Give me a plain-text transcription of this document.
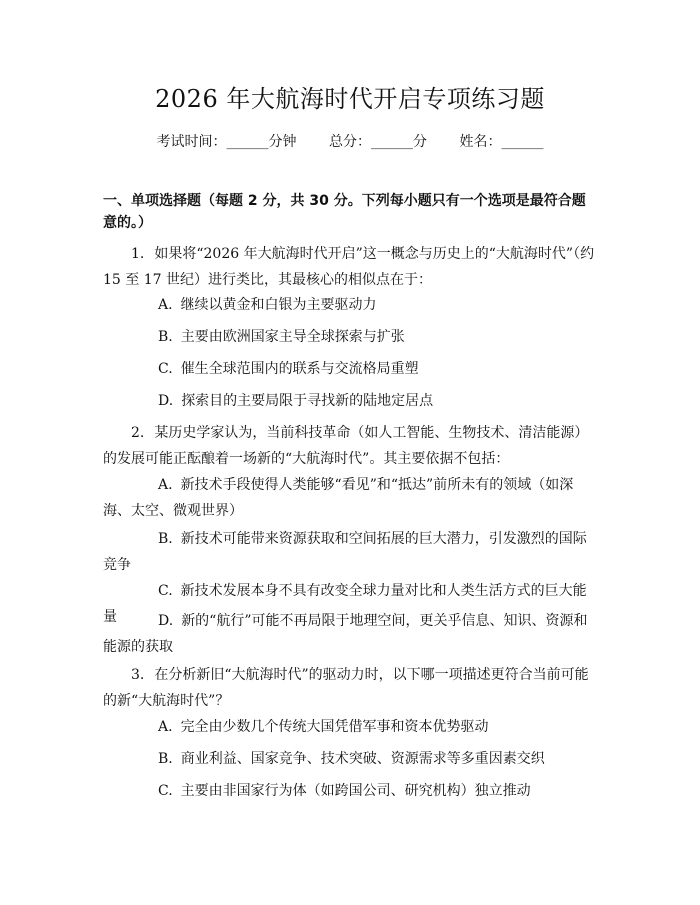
2026 年大航海时代开启专项练习题
考试时间：______分钟 总分：______分 姓名：______
一、单项选择题（每题 2 分，共 30 分。下列每小题只有一个选项是最符合题意的。）
1. 如果将“2026 年大航海时代开启”这一概念与历史上的“大航海时代”（约 15 至 17 世纪）进行类比，其最核心的相似点在于：
A. 继续以黄金和白银为主要驱动力
B. 主要由欧洲国家主导全球探索与扩张
C. 催生全球范围内的联系与交流格局重塑
D. 探索目的主要局限于寻找新的陆地定居点
2. 某历史学家认为，当前科技革命（如人工智能、生物技术、清洁能源）的发展可能正酝酿着一场新的“大航海时代”。其主要依据不包括：
A. 新技术手段使得人类能够“看见”和“抵达”前所未有的领域（如深海、太空、微观世界）
B. 新技术可能带来资源获取和空间拓展的巨大潜力，引发激烈的国际竞争
C. 新技术发展本身不具有改变全球力量对比和人类生活方式的巨大能量	D. 新的“航行”可能不再局限于地理空间，更关乎信息、知识、资源和能源的获取
3. 在分析新旧“大航海时代”的驱动力时，以下哪一项描述更符合当前可能的新“大航海时代”？
A. 完全由少数几个传统大国凭借军事和资本优势驱动
B. 商业利益、国家竞争、技术突破、资源需求等多重因素交织
C. 主要由非国家行为体（如跨国公司、研究机构）独立推动
